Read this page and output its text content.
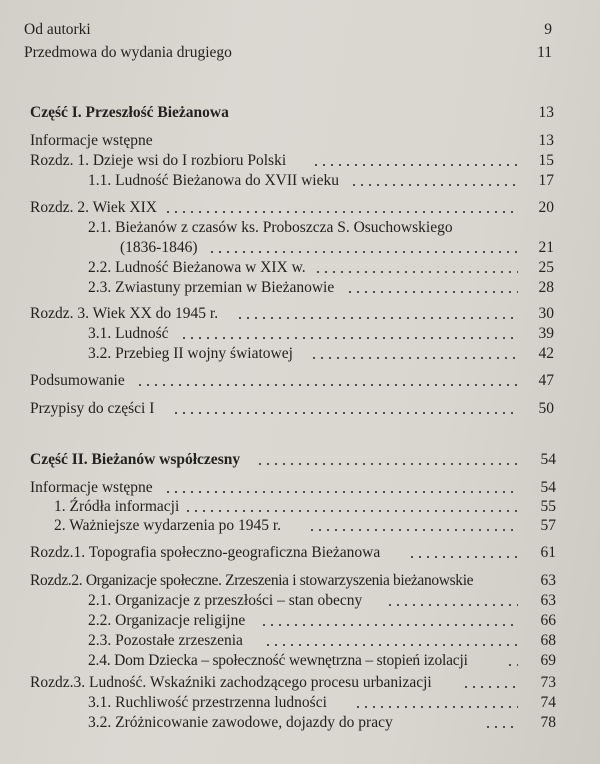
Od autorki	9
Przedmowa do wydania drugiego	11
Część I. Przeszłość Bieżanowa	13
Informacje wstępne	13
Rozdz. 1. Dzieje wsi do I rozbioru Polski	15
1.1. Ludność Bieżanowa do XVII wieku	17
Rozdz. 2. Wiek XIX	20
2.1. Bieżanów z czasów ks. Proboszcza S. Osuchowskiego
(1836-1846)	21
2.2. Ludność Bieżanowa w XIX w.	25
2.3. Zwiastuny przemian w Bieżanowie	28
Rozdz. 3. Wiek XX do 1945 r.	30
3.1. Ludność	39
3.2. Przebieg II wojny światowej	42
Podsumowanie	47
Przypisy do części I	50
Część II. Bieżanów współczesny	54
Informacje wstępne	54
1. Źródła informacji	55
2. Ważniejsze wydarzenia po 1945 r.	57
Rozdz.1. Topografia społeczno-geograficzna Bieżanowa	61
Rozdz.2. Organizacje społeczne. Zrzeszenia i stowarzyszenia bieżanowskie	63
2.1. Organizacje z przeszłości – stan obecny	63
2.2. Organizacje religijne	66
2.3. Pozostałe zrzeszenia	68
2.4. Dom Dziecka – społeczność wewnętrzna – stopień izolacji	69
Rozdz.3. Ludność. Wskaźniki zachodzącego procesu urbanizacji	73
3.1. Ruchliwość przestrzenna ludności	74
3.2. Zróżnicowanie zawodowe, dojazdy do pracy	78
